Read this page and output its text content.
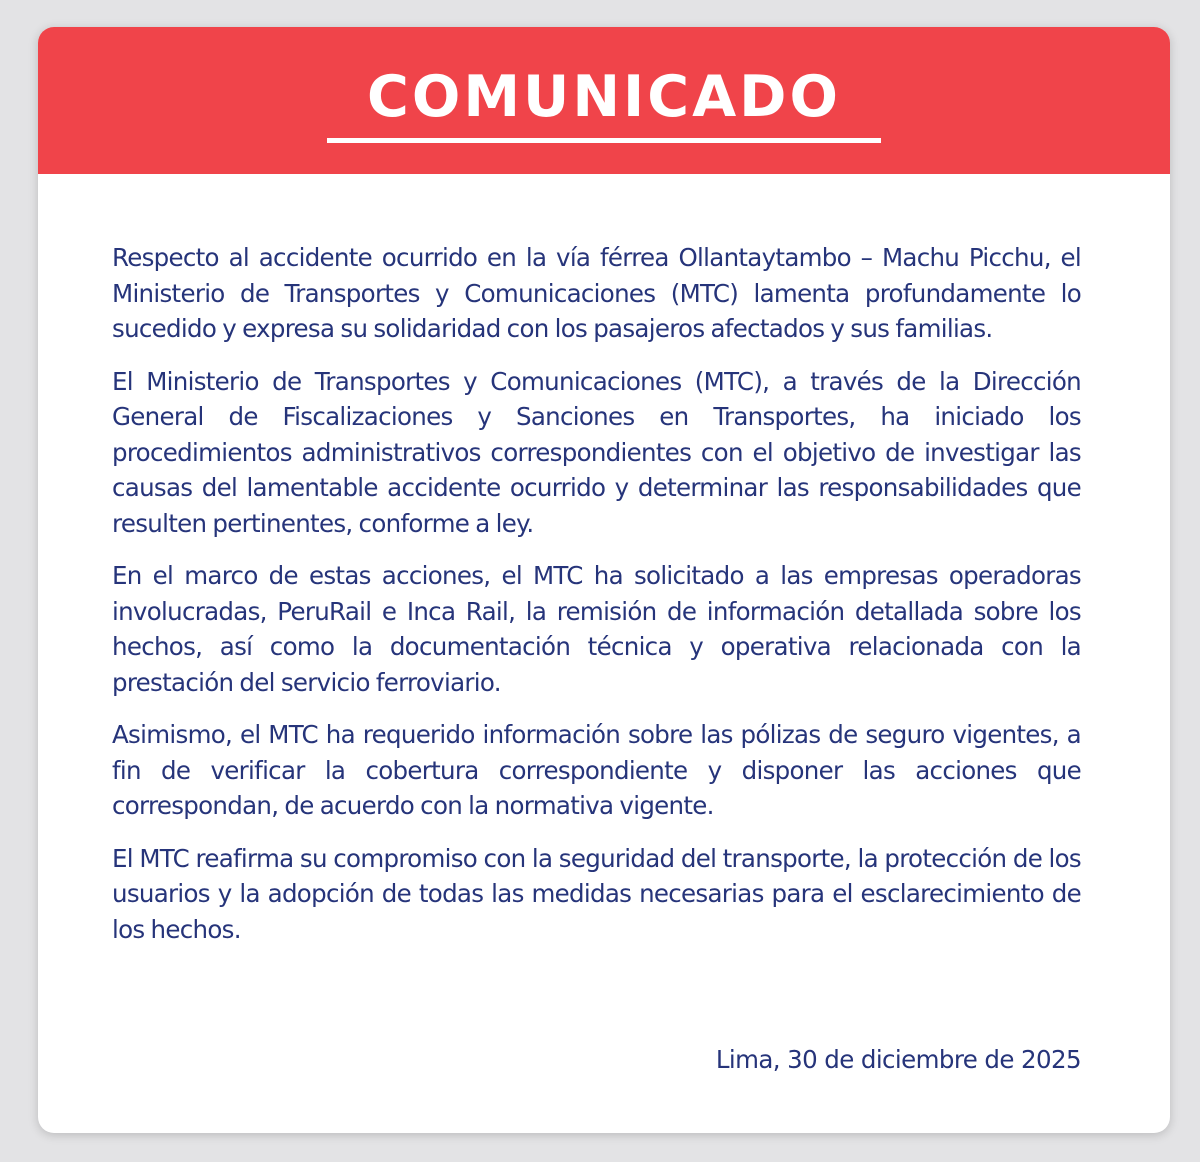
COMUNICADO

Respecto al accidente ocurrido en la vía férrea Ollantaytambo – Machu Picchu, el Ministerio de Transportes y Comunicaciones (MTC) lamenta profundamente lo sucedido y expresa su solidaridad con los pasajeros afectados y sus familias.

El Ministerio de Transportes y Comunicaciones (MTC), a través de la Dirección General de Fiscalizaciones y Sanciones en Transportes, ha iniciado los procedimientos administrativos correspondientes con el objetivo de investigar las causas del lamentable accidente ocurrido y determinar las responsabilidades que resulten pertinentes, conforme a ley.

En el marco de estas acciones, el MTC ha solicitado a las empresas operadoras involucradas, PeruRail e Inca Rail, la remisión de información detallada sobre los hechos, así como la documentación técnica y operativa relacionada con la prestación del servicio ferroviario.

Asimismo, el MTC ha requerido información sobre las pólizas de seguro vigentes, a fin de verificar la cobertura correspondiente y disponer las acciones que correspondan, de acuerdo con la normativa vigente.

El MTC reafirma su compromiso con la seguridad del transporte, la protección de los usuarios y la adopción de todas las medidas necesarias para el esclarecimiento de los hechos.

Lima, 30 de diciembre de 2025
